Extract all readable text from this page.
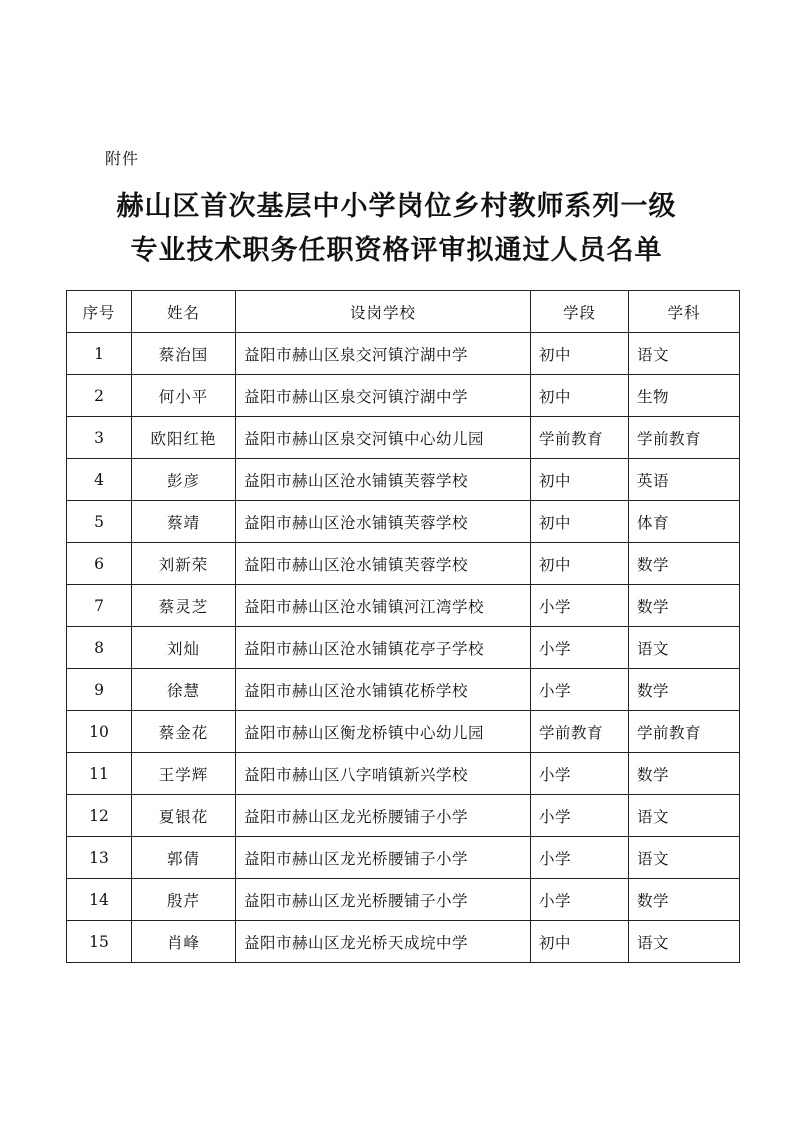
附件
赫山区首次基层中小学岗位乡村教师系列一级
专业技术职务任职资格评审拟通过人员名单
序号	姓名	设岗学校	学段	学科
1	蔡治国	益阳市赫山区泉交河镇泞湖中学	初中	语文
2	何小平	益阳市赫山区泉交河镇泞湖中学	初中	生物
3	欧阳红艳	益阳市赫山区泉交河镇中心幼儿园	学前教育	学前教育
4	彭彦	益阳市赫山区沧水铺镇芙蓉学校	初中	英语
5	蔡靖	益阳市赫山区沧水铺镇芙蓉学校	初中	体育
6	刘新荣	益阳市赫山区沧水铺镇芙蓉学校	初中	数学
7	蔡灵芝	益阳市赫山区沧水铺镇河江湾学校	小学	数学
8	刘灿	益阳市赫山区沧水铺镇花亭子学校	小学	语文
9	徐慧	益阳市赫山区沧水铺镇花桥学校	小学	数学
10	蔡金花	益阳市赫山区衡龙桥镇中心幼儿园	学前教育	学前教育
11	王学辉	益阳市赫山区八字哨镇新兴学校	小学	数学
12	夏银花	益阳市赫山区龙光桥腰铺子小学	小学	语文
13	郭倩	益阳市赫山区龙光桥腰铺子小学	小学	语文
14	殷芹	益阳市赫山区龙光桥腰铺子小学	小学	数学
15	肖峰	益阳市赫山区龙光桥天成垸中学	初中	语文
